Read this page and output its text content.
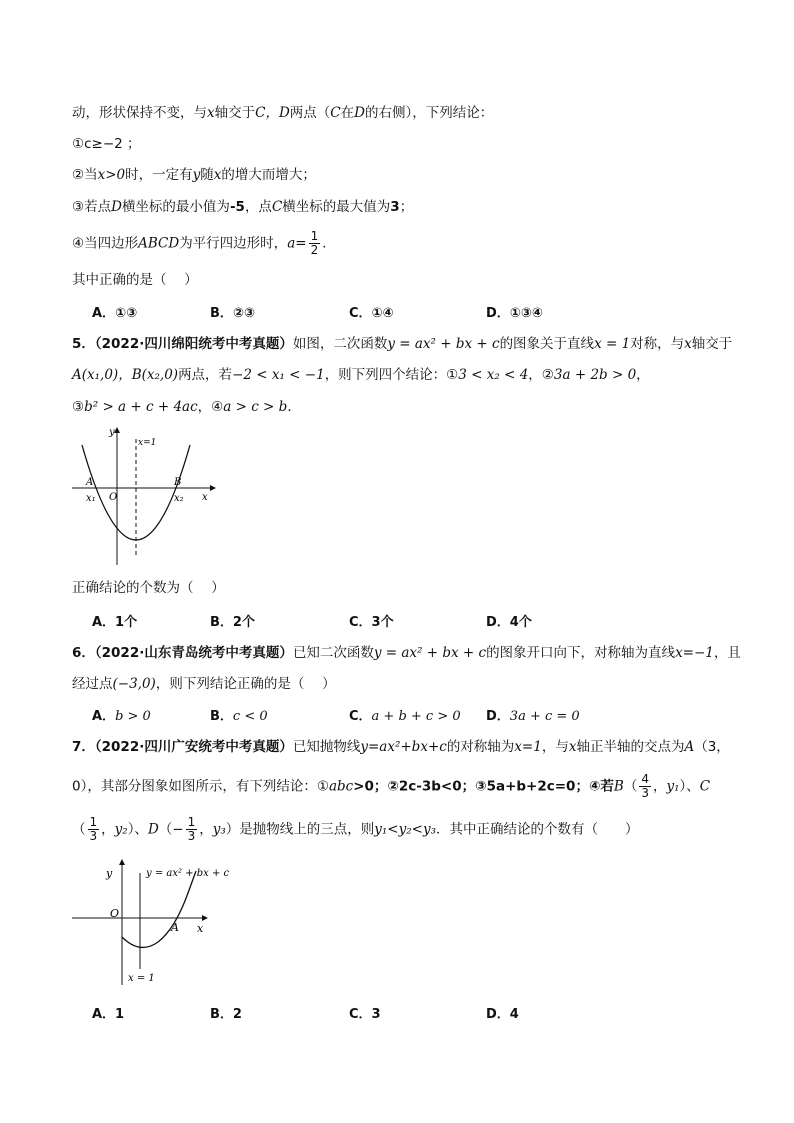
动，形状保持不变，与x轴交于C，D两点（C在D的右侧），下列结论：
①c≥−2 ；
②当x>0时，一定有y随x的增大而增大；
③若点D横坐标的最小值为-5，点C横坐标的最大值为3；
④当四边形ABCD为平行四边形时，$a= \frac{1}{2}$ ．
其中正确的是（　 ）
A．①③	B．②③	C．①④	D．①③④
5．（2022·四川绵阳统考中考真题）如图，二次函数y = ax² + bx + c的图象关于直线x = 1对称，与x轴交于
A(x₁,0)，B(x₂,0)两点，若−2 < x₁ < −1，则下列四个结论：①3 < x₂ < 4，②3a + 2b > 0，
③b² > a + c + 4ac，④a > c > b．
y
x
O
A	B
x₁	x₂
x=1
正确结论的个数为（　 ）
A．1个	B．2个	C．3个	D．4个
6．（2022·山东青岛统考中考真题）已知二次函数y = ax² + bx + c的图象开口向下，对称轴为直线x=−1，且
经过点(−3,0)，则下列结论正确的是（　 ）
A．b > 0	B．c < 0	C．a + b + c > 0 D．3a + c = 0
7．（2022·四川广安统考中考真题）已知抛物线y=ax²+bx+c的对称轴为x=1，与x轴正半轴的交点为A（3，
0），其部分图象如图所示，有下列结论：①abc>0；②2c-3b<0；③5a+b+2c=0；④若$B( \frac{4}{3}$ ，y₁）、C
（ $\frac{1}{3}$ ，y₂）、$D(- \frac{1}{3}$ ，y₃）是抛物线上的三点，则y₁<y₂<y₃．其中正确结论的个数有（　　）
y
x
O
A
y = ax² + bx + c
x = 1
A．1	B．2	C．3	D．4
